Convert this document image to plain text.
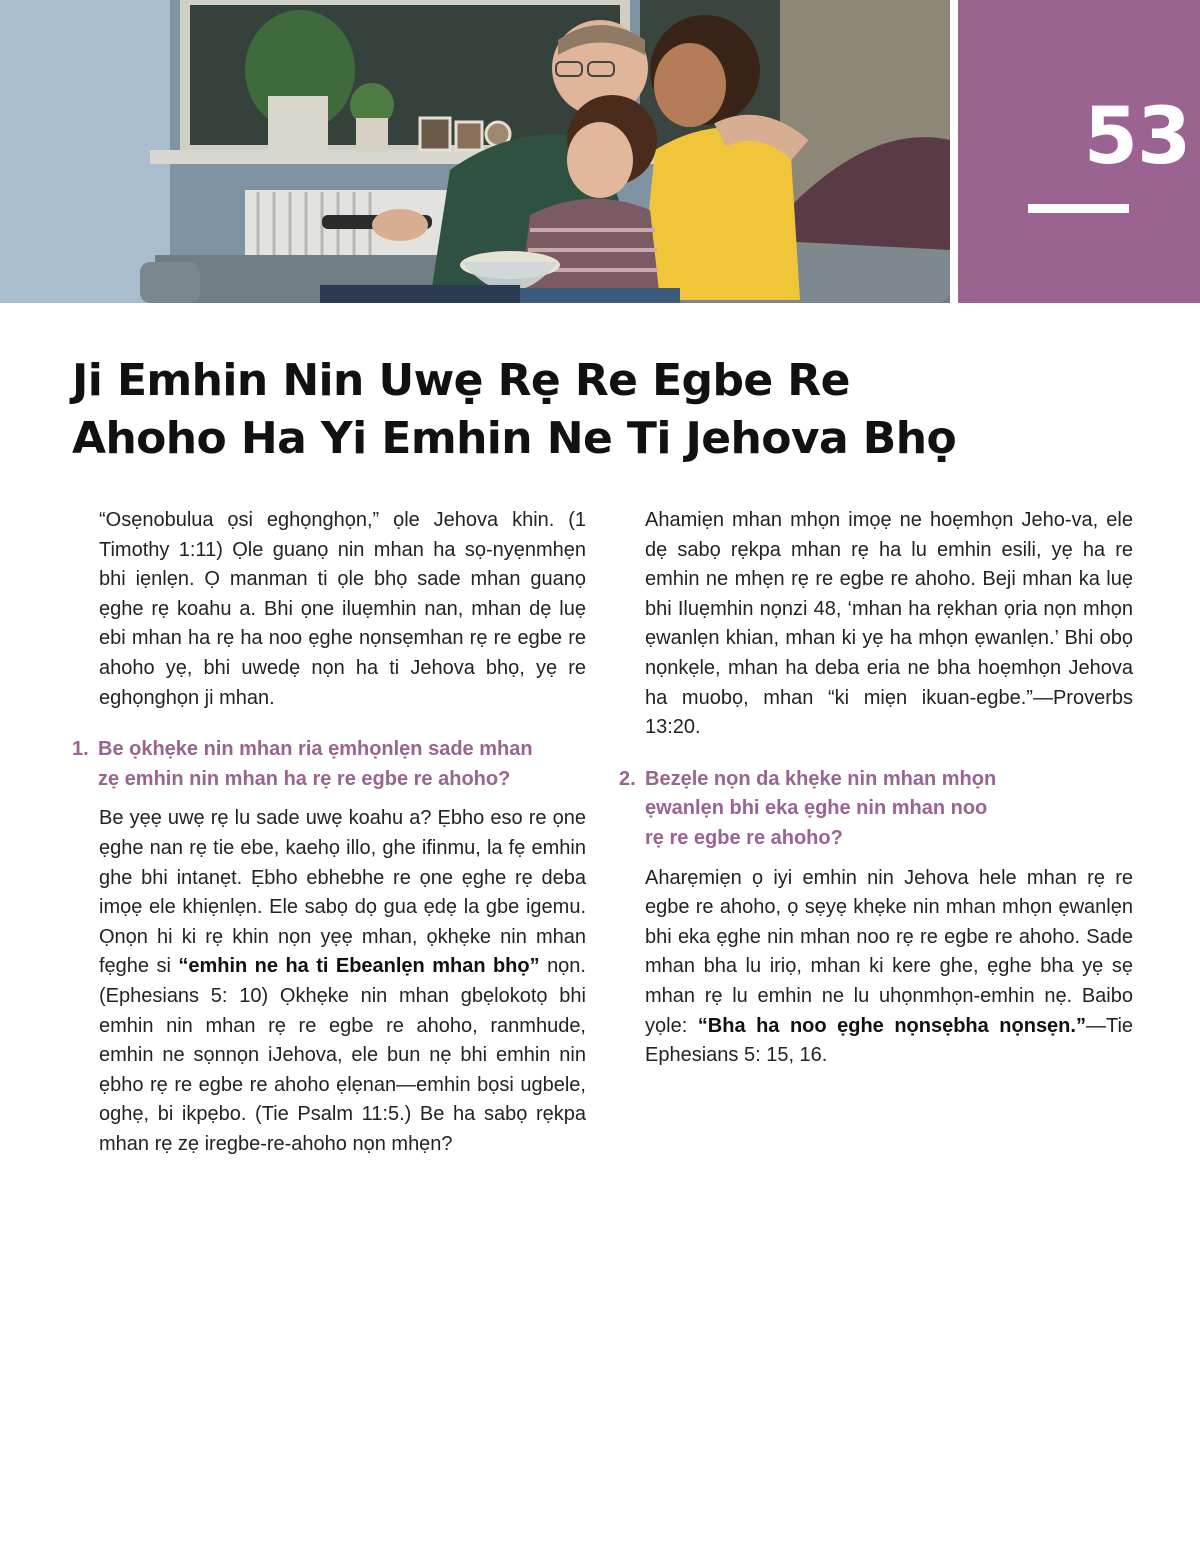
53
Ji Emhin Nin Uwẹ Rẹ Re Egbe Re
Ahoho Ha Yi Emhin Ne Ti Jehova Bhọ

“Osẹnobulua ọsi eghọnghọn,” ọle Jehova khin. (1 Timothy 1:11) Ọle guanọ nin mhan ha sọ-nyẹnmhẹn bhi iẹnlẹn. Ọ manman ti ọle bhọ sade mhan guanọ ẹghe rẹ koahu a. Bhi ọne iluẹmhin nan, mhan dẹ luẹ ebi mhan ha rẹ ha noo ẹghe nọnsẹmhan rẹ re egbe re ahoho yẹ, bhi uwedẹ nọn ha ti Jehova bhọ, yẹ re eghọnghọn ji mhan.

1. Be ọkhẹke nin mhan ria ẹmhọnlẹn sade mhan
zẹ emhin nin mhan ha rẹ re egbe re ahoho?

Be yẹẹ uwẹ rẹ lu sade uwẹ koahu a? Ẹbho eso re ọne ẹghe nan rẹ tie ebe, kaehọ illo, ghe ifinmu, la fẹ emhin ghe bhi intanẹt. Ẹbho ebhebhe re ọne ẹghe rẹ deba imọẹ ele khiẹnlẹn. Ele sabọ dọ gua ẹdẹ la gbe igemu. Ọnọn hi ki rẹ khin nọn yẹẹ mhan, ọkhẹke nin mhan fẹghe si “emhin ne ha ti Ebeanlẹn mhan bhọ” nọn. (Ephesians 5: 10) Ọkhẹke nin mhan gbẹlokotọ bhi emhin nin mhan rẹ re egbe re ahoho, ranmhude, emhin ne sọnnọn iJehova, ele bun nẹ bhi emhin nin ẹbho rẹ re egbe re ahoho ẹlẹnan—emhin bọsi ugbele, oghẹ, bi ikpẹbo. (Tie Psalm 11:5.) Be ha sabọ rẹkpa mhan rẹ zẹ iregbe-re-ahoho nọn mhẹn?

Ahamiẹn mhan mhọn imọẹ ne hoẹmhọn Jeho-va, ele dẹ sabọ rẹkpa mhan rẹ ha lu emhin esili, yẹ ha re emhin ne mhẹn rẹ re egbe re ahoho. Beji mhan ka luẹ bhi Iluẹmhin nọnzi 48, ‘mhan ha rẹkhan ọria nọn mhọn ẹwanlẹn khian, mhan ki yẹ ha mhọn ẹwanlẹn.’ Bhi obọ nọnkẹle, mhan ha deba eria ne bha hoẹmhọn Jehova ha muobọ, mhan “ki miẹn ikuan-egbe.”—Proverbs 13:20.

2. Bezẹle nọn da khẹke nin mhan mhọn
ẹwanlẹn bhi eka ẹghe nin mhan noo
rẹ re egbe re ahoho?

Aharẹmiẹn ọ iyi emhin nin Jehova hele mhan rẹ re egbe re ahoho, ọ sẹyẹ khẹke nin mhan mhọn ẹwanlẹn bhi eka ẹghe nin mhan noo rẹ re egbe re ahoho. Sade mhan bha lu iriọ, mhan ki kere ghe, ẹghe bha yẹ sẹ mhan rẹ lu emhin ne lu uhọnmhọn-emhin nẹ. Baibo yọle: “Bha ha noo ẹghe nọnsẹbha nọnsẹn.”—Tie Ephesians 5: 15, 16.
